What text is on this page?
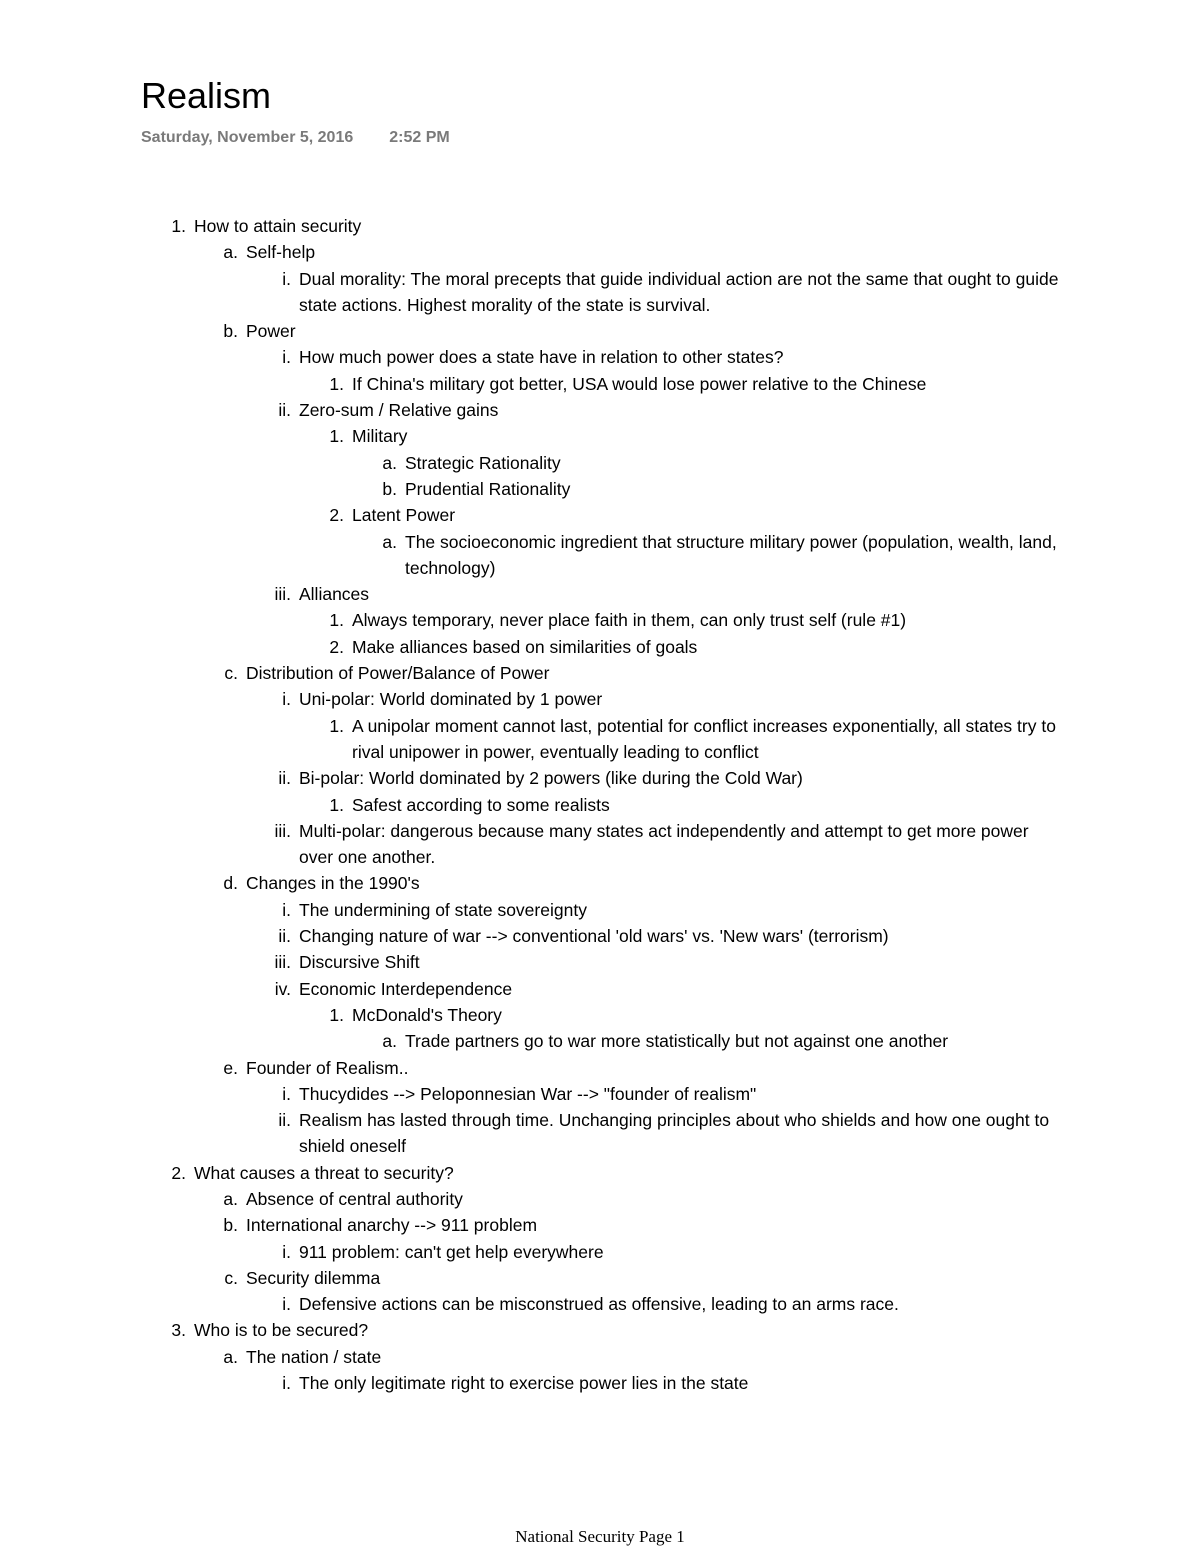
Realism
Saturday, November 5, 2016 2:52 PM
1. How to attain security
a. Self-help
i. Dual morality: The moral precepts that guide individual action are not the same that ought to guide state actions. Highest morality of the state is survival.
b. Power
i. How much power does a state have in relation to other states?
1. If China's military got better, USA would lose power relative to the Chinese
ii. Zero-sum / Relative gains
1. Military
a. Strategic Rationality
b. Prudential Rationality
2. Latent Power
a. The socioeconomic ingredient that structure military power (population, wealth, land, technology)
iii. Alliances
1. Always temporary, never place faith in them, can only trust self (rule #1)
2. Make alliances based on similarities of goals
c. Distribution of Power/Balance of Power
i. Uni-polar: World dominated by 1 power
1. A unipolar moment cannot last, potential for conflict increases exponentially, all states try to rival unipower in power, eventually leading to conflict
ii. Bi-polar: World dominated by 2 powers (like during the Cold War)
1. Safest according to some realists
iii. Multi-polar: dangerous because many states act independently and attempt to get more power over one another.
d. Changes in the 1990's
i. The undermining of state sovereignty
ii. Changing nature of war --> conventional 'old wars' vs. 'New wars' (terrorism)
iii. Discursive Shift
iv. Economic Interdependence
1. McDonald's Theory
a. Trade partners go to war more statistically but not against one another
e. Founder of Realism..
i. Thucydides --> Peloponnesian War --> "founder of realism"
ii. Realism has lasted through time. Unchanging principles about who shields and how one ought to shield oneself
2. What causes a threat to security?
a. Absence of central authority
b. International anarchy --> 911 problem
i. 911 problem: can't get help everywhere
c. Security dilemma
i. Defensive actions can be misconstrued as offensive, leading to an arms race.
3. Who is to be secured?
a. The nation / state
i. The only legitimate right to exercise power lies in the state
National Security Page 1
